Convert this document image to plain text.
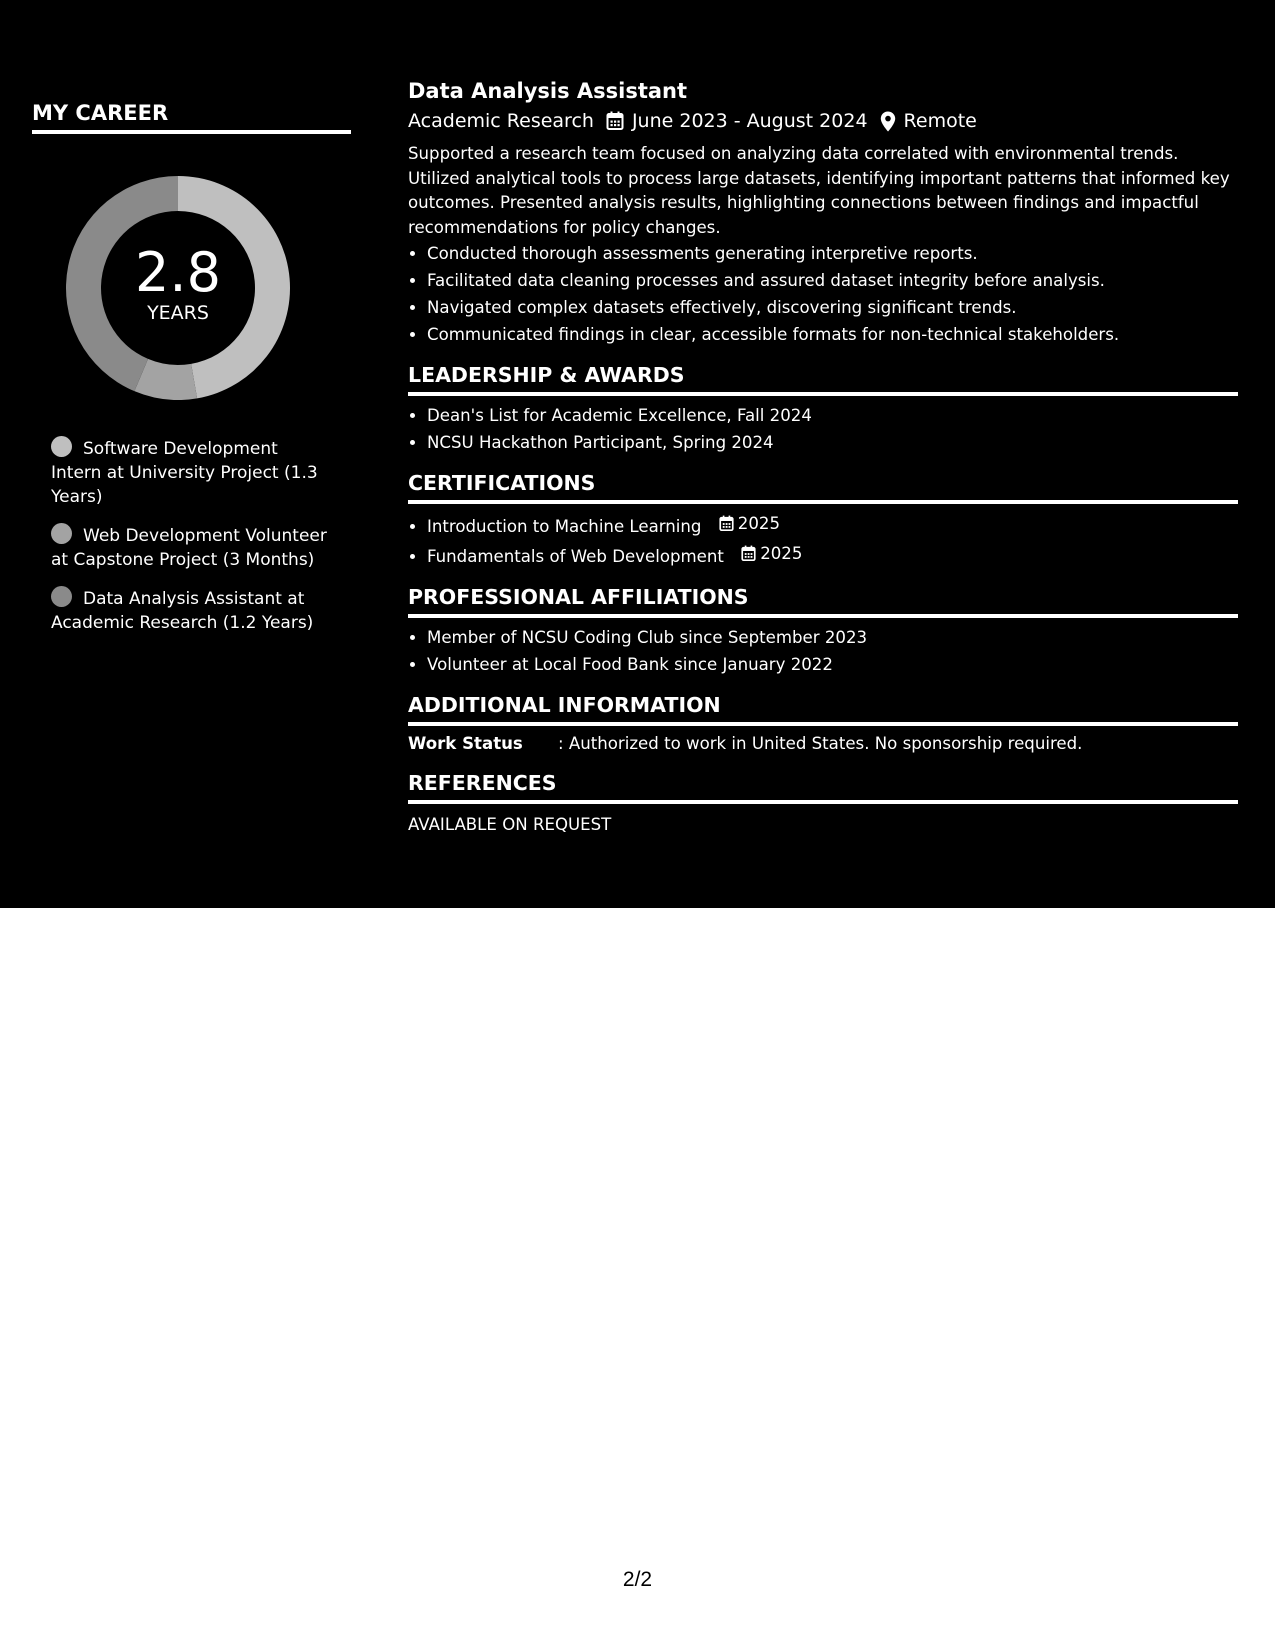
MY CAREER
2.8
YEARS
Software Development Intern at University Project (1.3 Years)
Web Development Volunteer at Capstone Project (3 Months)
Data Analysis Assistant at Academic Research (1.2 Years)
Data Analysis Assistant
Academic Research June 2023 - August 2024 Remote

Supported a research team focused on analyzing data correlated with environmental trends. Utilized analytical tools to process large datasets, identifying important patterns that informed key outcomes. Presented analysis results, highlighting connections between findings and impactful recommendations for policy changes.

• Conducted thorough assessments generating interpretive reports.
• Facilitated data cleaning processes and assured dataset integrity before analysis.
• Navigated complex datasets effectively, discovering significant trends.
• Communicated findings in clear, accessible formats for non-technical stakeholders.
LEADERSHIP & AWARDS
• Dean's List for Academic Excellence, Fall 2024
• NCSU Hackathon Participant, Spring 2024
CERTIFICATIONS
• Introduction to Machine Learning 2025
• Fundamentals of Web Development 2025
PROFESSIONAL AFFILIATIONS
• Member of NCSU Coding Club since September 2023
• Volunteer at Local Food Bank since January 2022
ADDITIONAL INFORMATION
Work Status	: Authorized to work in United States. No sponsorship required.
REFERENCES
AVAILABLE ON REQUEST
2/2
